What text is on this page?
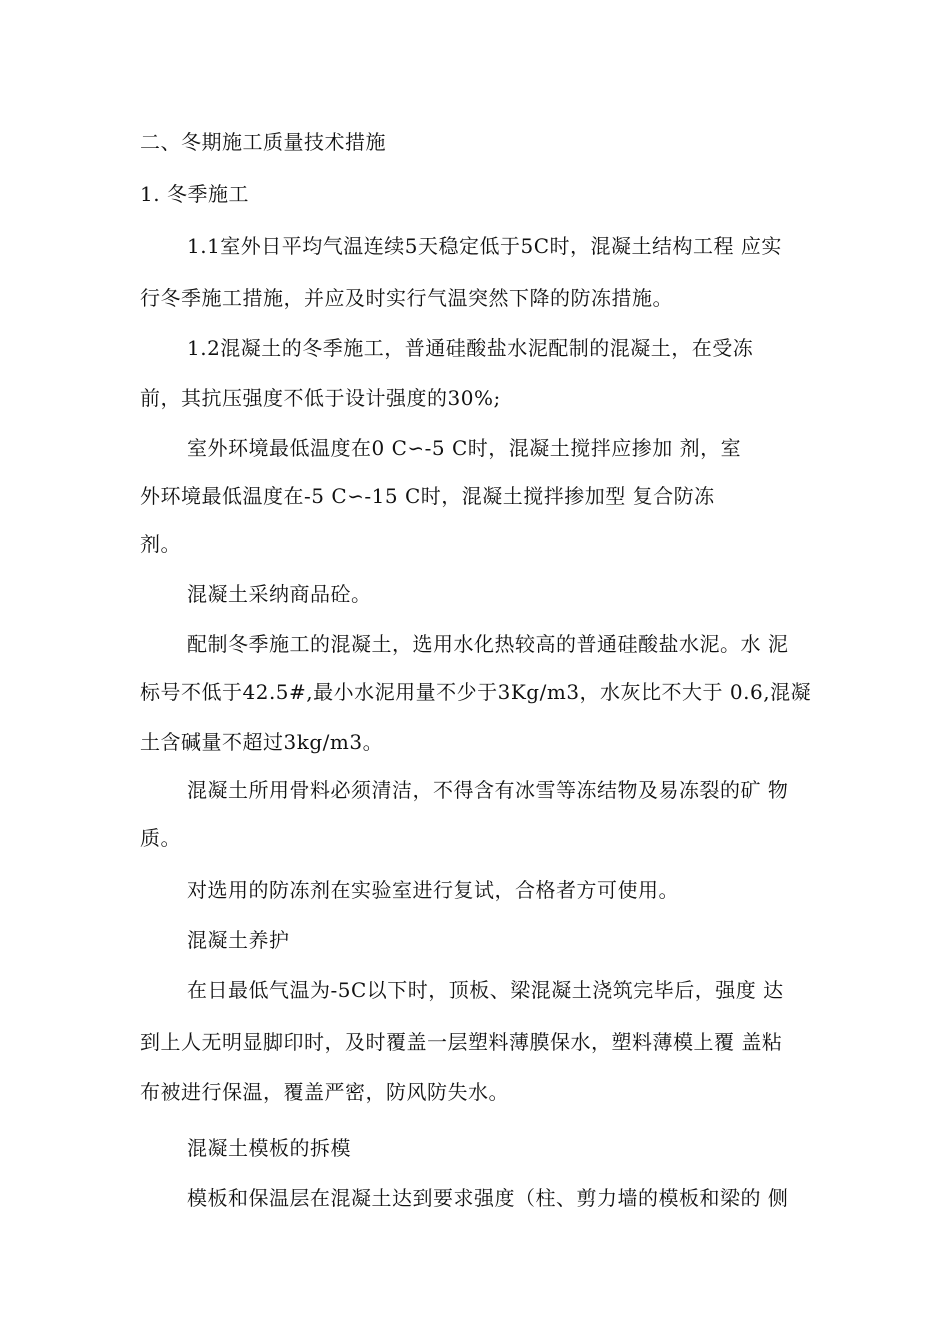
二、冬期施工质量技术措施
1. 冬季施工
1.1室外日平均气温连续5天稳定低于5C时，混凝土结构工程 应实
行冬季施工措施，并应及时实行气温突然下降的防冻措施。
1.2混凝土的冬季施工，普通硅酸盐水泥配制的混凝土，在受冻
前，其抗压强度不低于设计强度的30%;
室外环境最低温度在0 C∽-5 C时，混凝土搅拌应掺加 剂，室
外环境最低温度在-5 C∽-15 C时，混凝土搅拌掺加型 复合防冻
剂。
混凝土采纳商品砼。
配制冬季施工的混凝土，选用水化热较高的普通硅酸盐水泥。水 泥
标号不低于42.5#,最小水泥用量不少于3Kg/m3，水灰比不大于 0.6,混凝
土含碱量不超过3kg/m3。
混凝土所用骨料必须清洁，不得含有冰雪等冻结物及易冻裂的矿 物
质。
对选用的防冻剂在实验室进行复试，合格者方可使用。
混凝土养护
在日最低气温为-5C以下时，顶板、梁混凝土浇筑完毕后，强度 达
到上人无明显脚印时，及时覆盖一层塑料薄膜保水，塑料薄模上覆 盖粘
布被进行保温，覆盖严密，防风防失水。
混凝土模板的拆模
模板和保温层在混凝土达到要求强度（柱、剪力墙的模板和梁的 侧
